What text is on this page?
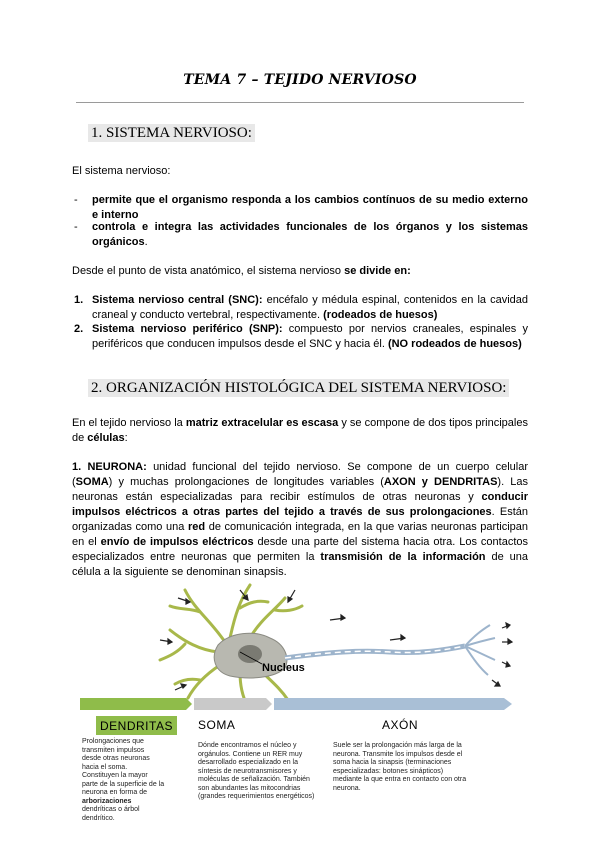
TEMA 7 – TEJIDO NERVIOSO
1. SISTEMA NERVIOSO:
El sistema nervioso:
- permite que el organismo responda a los cambios contínuos de su medio externo e interno
- controla e integra las actividades funcionales de los órganos y los sistemas orgánicos.
Desde el punto de vista anatómico, el sistema nervioso se divide en:
1. Sistema nervioso central (SNC): encéfalo y médula espinal, contenidos en la cavidad craneal y conducto vertebral, respectivamente. (rodeados de huesos)
2. Sistema nervioso periférico (SNP): compuesto por nervios craneales, espinales y periféricos que conducen impulsos desde el SNC y hacia él. (NO rodeados de huesos)
2. ORGANIZACIÓN HISTOLÓGICA DEL SISTEMA NERVIOSO:
En el tejido nervioso la matriz extracelular es escasa y se compone de dos tipos principales de células:
1. NEURONA: unidad funcional del tejido nervioso. Se compone de un cuerpo celular (SOMA) y muchas prolongaciones de longitudes variables (AXON y DENDRITAS). Las neuronas están especializadas para recibir estímulos de otras neuronas y conducir impulsos eléctricos a otras partes del tejido a través de sus prolongaciones. Están organizadas como una red de comunicación integrada, en la que varias neuronas participan en el envío de impulsos eléctricos desde una parte del sistema hacia otra. Los contactos especializados entre neuronas que permiten la transmisión de la información de una célula a la siguiente se denominan sinapsis.
Nucleus
DENDRITAS	SOMA	AXÓN
Prolongaciones que
transmiten impulsos
desde otras neuronas
hacia el soma.
Constituyen la mayor
parte de la superficie de la
neurona en forma de
arborizaciones
dendríticas o árbol
dendrítico.
Dónde encontramos el núcleo y orgánulos. Contiene un RER muy desarrollado especializado en la síntesis de neurotransmisores y moléculas de señalización. También son abundantes las mitocondrias (grandes requerimientos energéticos)
Suele ser la prolongación más larga de la neurona. Transmite los impulsos desde el soma hacia la sinapsis (terminaciones especializadas: botones sinápticos) mediante la que entra en contacto con otra neurona.
